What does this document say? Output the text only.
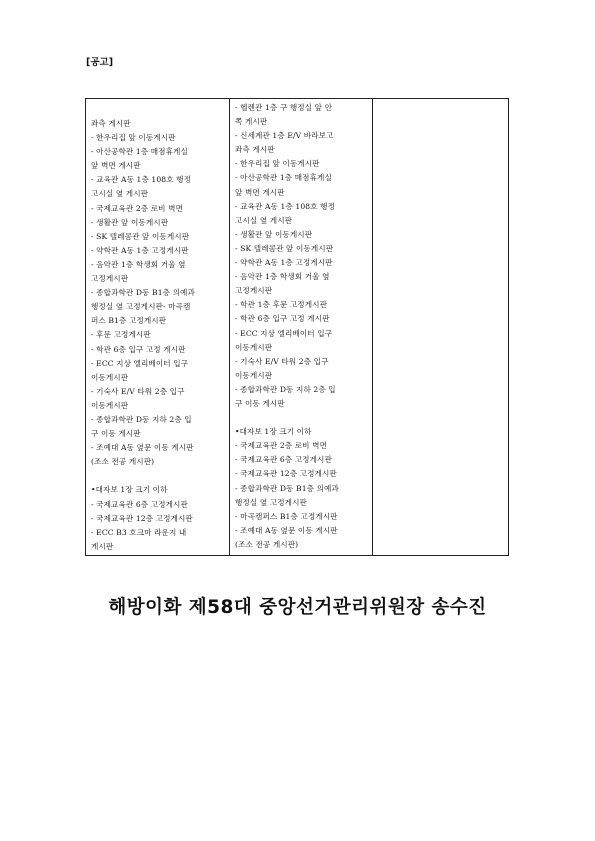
[공고]
좌측 게시판
- 한우리집 앞 이동게시판
- 아산공학관 1층 매점휴게실
앞 벽면 게시판
- 교육관 A동 1층 108호 행정
고시실 옆 게시판
- 국제교육관 2층 로비 벽면
- 생활관 앞 이동게시판
- SK 텔레콤관 앞 이동게시판
- 약학관 A동 1층 고정게시판
- 음악관 1층 학생회 거울 옆
고정게시판
- 종합과학관 D동 B1층 의예과
행정실 옆 고정게시판- 마곡캠
퍼스 B1층 고정게시판
- 후문 고정게시판
- 학관 6층 입구 고정 게시판
- ECC 지상 엘리베이터 입구
이동게시판
- 기숙사 E/V 타워 2층 입구
이동게시판
- 종합과학관 D동 지하 2층 입
구 이동 게시판
- 조예대 A동 옆문 이동 게시판
(조소 전공 게시판)
•대자보 1장 크기 이하
- 국제교육관 6층 고정게시판
- 국제교육관 12층 고정게시판
- ECC B3 호크마 라운지 내
게시판
- 헬렌관 1층 구 행정실 앞 안
쪽 게시판
- 신세계관 1층 E/V 바라보고
좌측 게시판
- 한우리집 앞 이동게시판
- 아산공학관 1층 매점휴게실
앞 벽면 게시판
- 교육관 A동 1층 108호 행정
고시실 옆 게시판
- 생활관 앞 이동게시판
- SK 텔레콤관 앞 이동게시판
- 약학관 A동 1층 고정게시판
- 음악관 1층 학생회 거울 옆
고정게시판
- 학관 1층 후문 고정게시판
- 학관 6층 입구 고정 게시판
- ECC 지상 엘리베이터 입구
이동게시판
- 기숙사 E/V 타워 2층 입구
이동게시판
- 종합과학관 D동 지하 2층 입
구 이동 게시판
•대자보 1장 크기 이하
- 국제교육관 2층 로비 벽면
- 국제교육관 6층 고정게시판
- 국제교육관 12층 고정게시판
- 종합과학관 D동 B1층 의예과
행정실 옆 고정게시판
- 마곡캠퍼스 B1층 고정게시판
- 조예대 A동 옆문 이동 게시판
(조소 전공 게시판)
해방이화 제58대 중앙선거관리위원장 송수진
